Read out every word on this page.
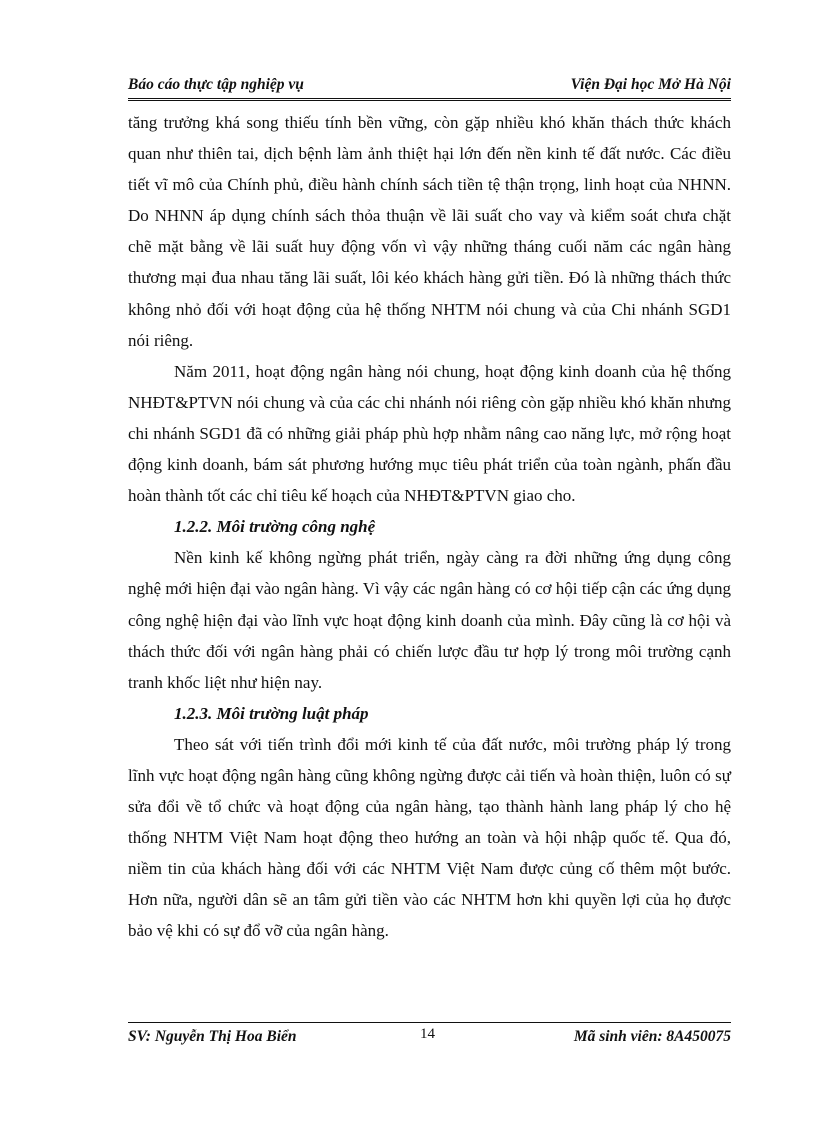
Báo cáo thực tập nghiệp vụ	Viện Đại học Mở Hà Nội

tăng trưởng khá song thiếu tính bền vững, còn gặp nhiều khó khăn thách thức khách quan như thiên tai, dịch bệnh làm ảnh thiệt hại lớn đến nền kinh tế đất nước. Các điều tiết vĩ mô của Chính phủ, điều hành chính sách tiền tệ thận trọng, linh hoạt của NHNN. Do NHNN áp dụng chính sách thỏa thuận về lãi suất cho vay và kiểm soát chưa chặt chẽ mặt bằng về lãi suất huy động vốn vì vậy những tháng cuối năm các ngân hàng thương mại đua nhau tăng lãi suất, lôi kéo khách hàng gửi tiền. Đó là những thách thức không nhỏ đối với hoạt động của hệ thống NHTM nói chung và của Chi nhánh SGD1 nói riêng.

Năm 2011, hoạt động ngân hàng nói chung, hoạt động kinh doanh của hệ thống NHĐT&PTVN nói chung và của các chi nhánh nói riêng còn gặp nhiều khó khăn nhưng chi nhánh SGD1 đã có những giải pháp phù hợp nhằm nâng cao năng lực, mở rộng hoạt động kinh doanh, bám sát phương hướng mục tiêu phát triển của toàn ngành, phấn đầu hoàn thành tốt các chỉ tiêu kế hoạch của NHĐT&PTVN giao cho.

1.2.2. Môi trường công nghệ

Nền kinh kế không ngừng phát triển, ngày càng ra đời những ứng dụng công nghệ mới hiện đại vào ngân hàng. Vì vậy các ngân hàng có cơ hội tiếp cận các ứng dụng công nghệ hiện đại vào lĩnh vực hoạt động kinh doanh của mình. Đây cũng là cơ hội và thách thức đối với ngân hàng phải có chiến lược đầu tư hợp lý trong môi trường cạnh tranh khốc liệt như hiện nay.

1.2.3. Môi trường luật pháp

Theo sát với tiến trình đổi mới kinh tế của đất nước, môi trường pháp lý trong lĩnh vực hoạt động ngân hàng cũng không ngừng được cải tiến và hoàn thiện, luôn có sự sửa đổi về tổ chức và hoạt động của ngân hàng, tạo thành hành lang pháp lý cho hệ thống NHTM Việt Nam hoạt động theo hướng an toàn và hội nhập quốc tế. Qua đó, niềm tin của khách hàng đối với các NHTM Việt Nam được củng cố thêm một bước. Hơn nữa, người dân sẽ an tâm gửi tiền vào các NHTM hơn khi quyền lợi của họ được bảo vệ khi có sự đổ vỡ của ngân hàng.

SV: Nguyễn Thị Hoa Biển	14	Mã sinh viên: 8A450075
